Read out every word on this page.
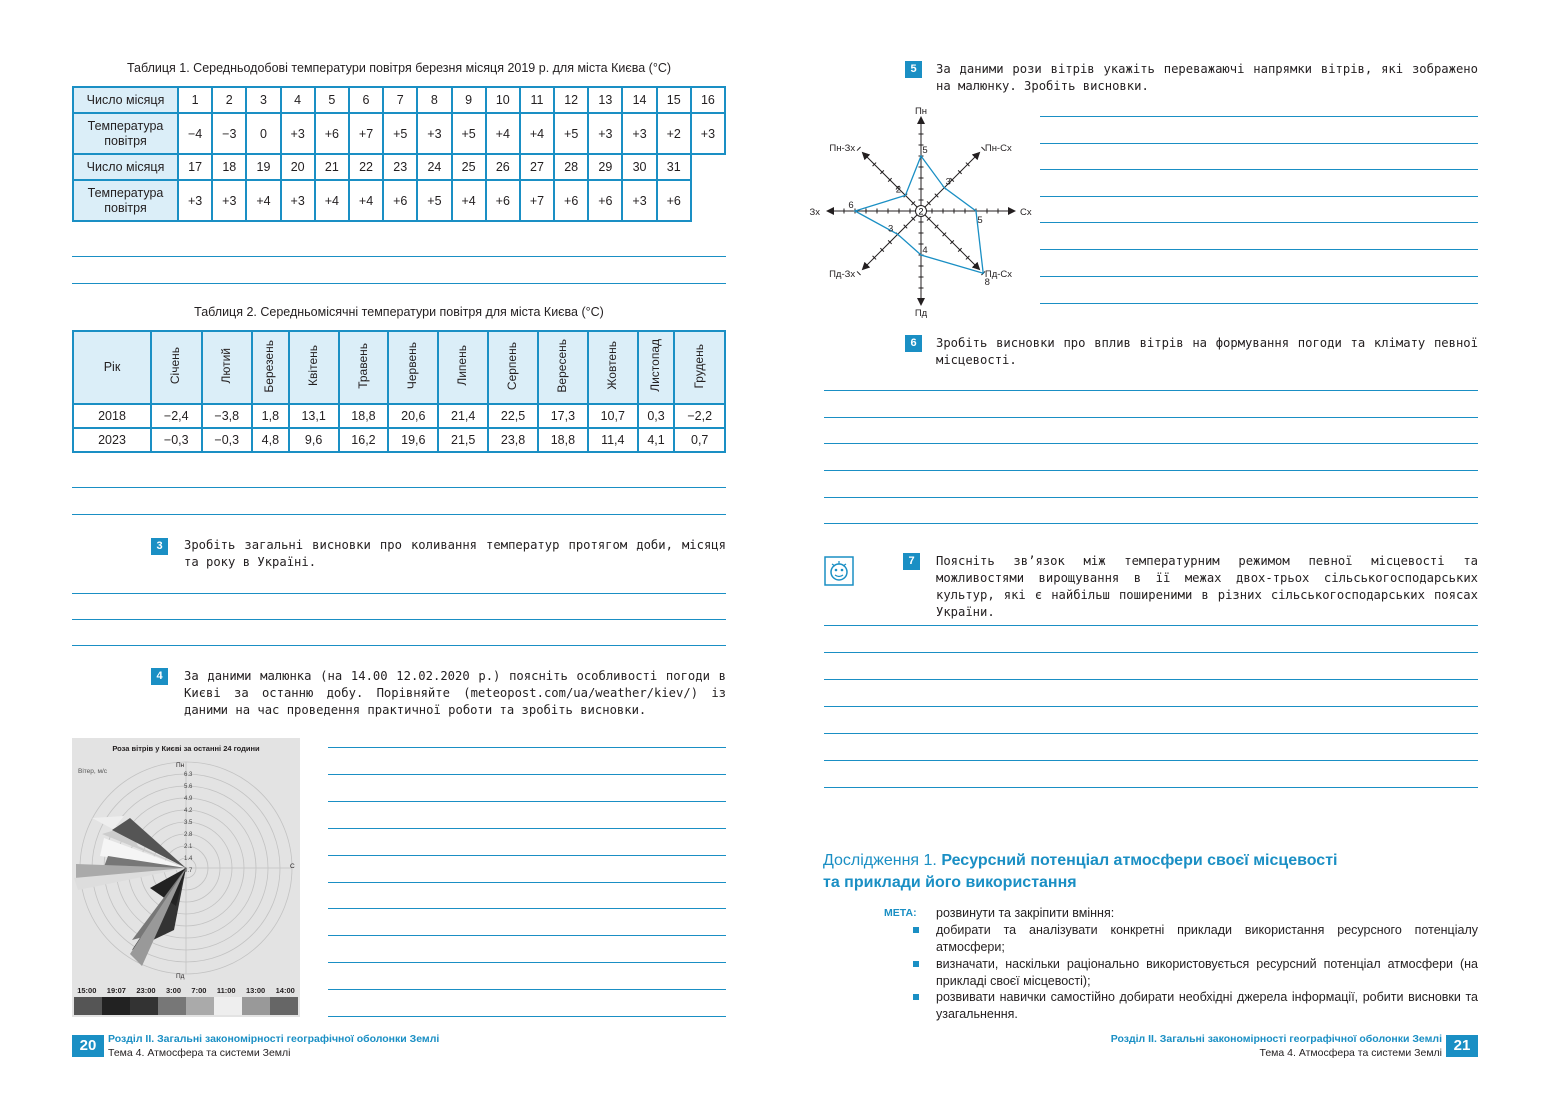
Таблиця 1. Середньодобові температури повітря березня місяця 2019 р. для міста Києва (°С)
Число місяця	1	2	3	4	5	6	7	8	9	10	11	12	13	14	15	16
Температура повітря	−4	−3	0	+3	+6	+7	+5	+3	+5	+4	+4	+5	+3	+3	+2	+3
Число місяця	17	18	19	20	21	22	23	24	25	26	27	28	29	30	31	
Температура повітря	+3	+3	+4	+3	+4	+4	+6	+5	+4	+6	+7	+6	+6	+3	+6	
Таблиця 2. Середньомісячні температури повітря для міста Києва (°С)
Рік	Січень	Лютий	Березень	Квітень	Травень	Червень	Липень	Серпень	Вересень	Жовтень	Листопад	Грудень
2018	−2,4	−3,8	1,8	13,1	18,8	20,6	21,4	22,5	17,3	10,7	0,3	−2,2
2023	−0,3	−0,3	4,8	9,6	16,2	19,6	21,5	23,8	18,8	11,4	4,1	0,7
3	Зробіть загальні висновки про коливання температур протягом доби, місяця та року в Україні.
4	За даними малюнка (на 14.00 12.02.2020 р.) поясніть особливості погоди в Києві за останню добу. Порівняйте (meteopost.com/ua/weather/kiev/) із даними на час проведення практичної роботи та зробіть висновки.
Роза вітрів у Києві за останні 24 години
Вітер, м/с	6.3
5.6
4.9
4.2
3.5
2.8
2.1
1.4
0.7
Пн
Пд
С
15:00 19:07 23:00 3:00 7:00 11:00 13:00 14:00
20	Розділ ІІ. Загальні закономірності географічної оболонки Землі
Тема 4. Атмосфера та системи Землі
5	За даними рози вітрів укажіть переважаючі напрямки вітрів, які зображено на малюнку. Зробіть висновки.
Пн
Пн-Сх
Сх
Пд-Сх
Пд
Пд-Зх
Зх
Пн-Зх	5
3
5
8
4
3
6
2
2
6	Зробіть висновки про вплив вітрів на формування погоди та клімату певної місцевості.
7	Поясніть зв’язок між температурним режимом певної місцевості та можливостями вирощування в її межах двох-трьох сільськогосподарських культур, які є найбільш поширеними в різних сільськогосподарських поясах України.
Дослідження 1. Ресурсний потенціал атмосфери своєї місцевості
та приклади його використання
МЕТА: розвинути та закріпити вміння:
добирати та аналізувати конкретні приклади використання ресурсного потенціалу атмосфери;
визначати, наскільки раціонально використовується ресурсний потенціал атмосфери (на прикладі своєї місцевості);
розвивати навички самостійно добирати необхідні джерела інформації, робити висновки та узагальнення.
Розділ ІІ. Загальні закономірності географічної оболонки Землі
Тема 4. Атмосфера та системи Землі 21
